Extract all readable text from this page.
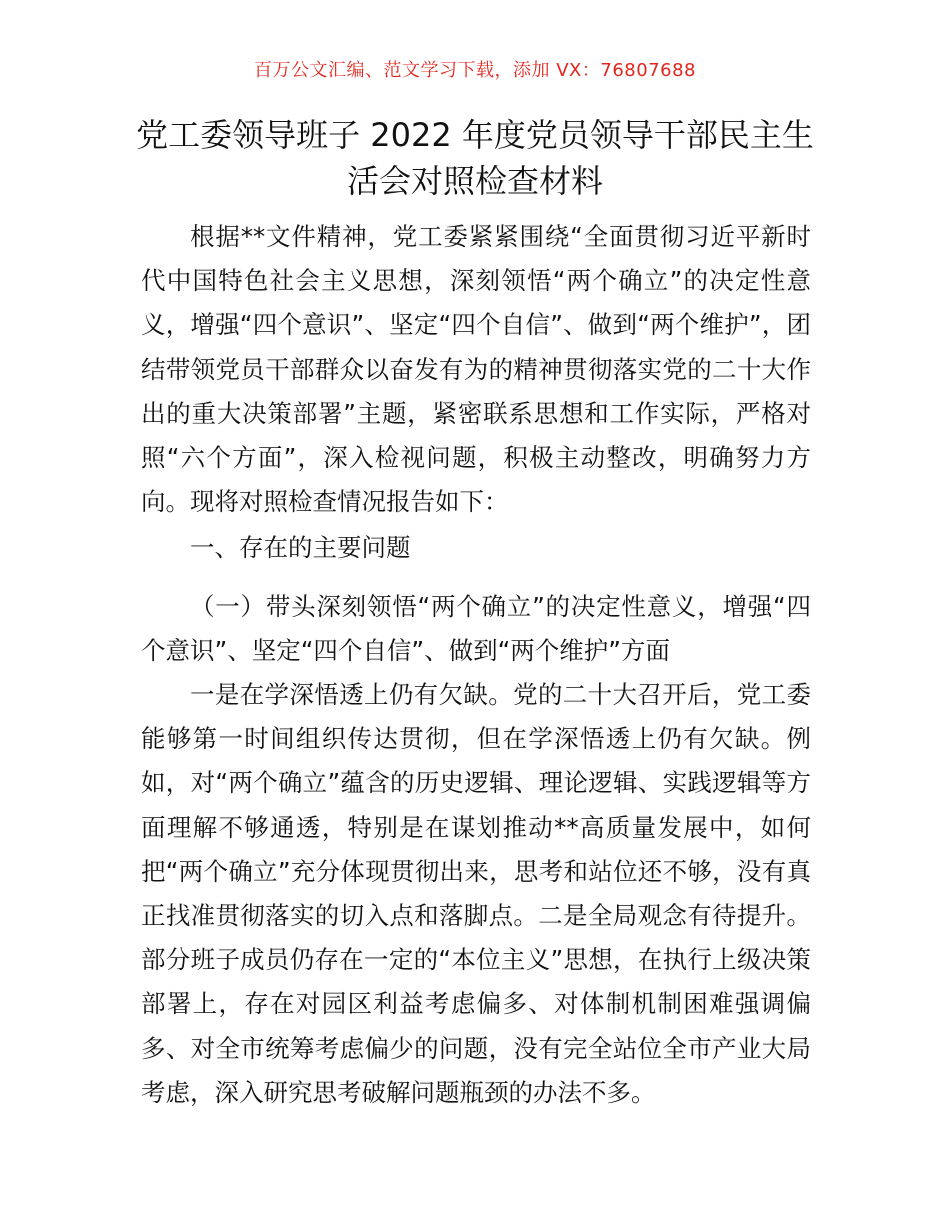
百万公文汇编、范文学习下载，添加 VX：76807688
党工委领导班子 2022 年度党员领导干部民主生
活会对照检查材料

根据**文件精神，党工委紧紧围绕“全面贯彻习近平新时代中国特色社会主义思想，深刻领悟“两个确立”的决定性意义，增强“四个意识”、坚定“四个自信”、做到“两个维护”，团结带领党员干部群众以奋发有为的精神贯彻落实党的二十大作出的重大决策部署”主题，紧密联系思想和工作实际，严格对照“六个方面”，深入检视问题，积极主动整改，明确努力方向。现将对照检查情况报告如下：

一、存在的主要问题

（一）带头深刻领悟“两个确立”的决定性意义，增强“四个意识”、坚定“四个自信”、做到“两个维护”方面

一是在学深悟透上仍有欠缺。党的二十大召开后，党工委能够第一时间组织传达贯彻，但在学深悟透上仍有欠缺。例如，对“两个确立”蕴含的历史逻辑、理论逻辑、实践逻辑等方面理解不够通透，特别是在谋划推动**高质量发展中，如何把“两个确立”充分体现贯彻出来，思考和站位还不够，没有真正找准贯彻落实的切入点和落脚点。二是全局观念有待提升。部分班子成员仍存在一定的“本位主义”思想，在执行上级决策部署上，存在对园区利益考虑偏多、对体制机制困难强调偏多、对全市统筹考虑偏少的问题，没有完全站位全市产业大局考虑，深入研究思考破解问题瓶颈的办法不多。
